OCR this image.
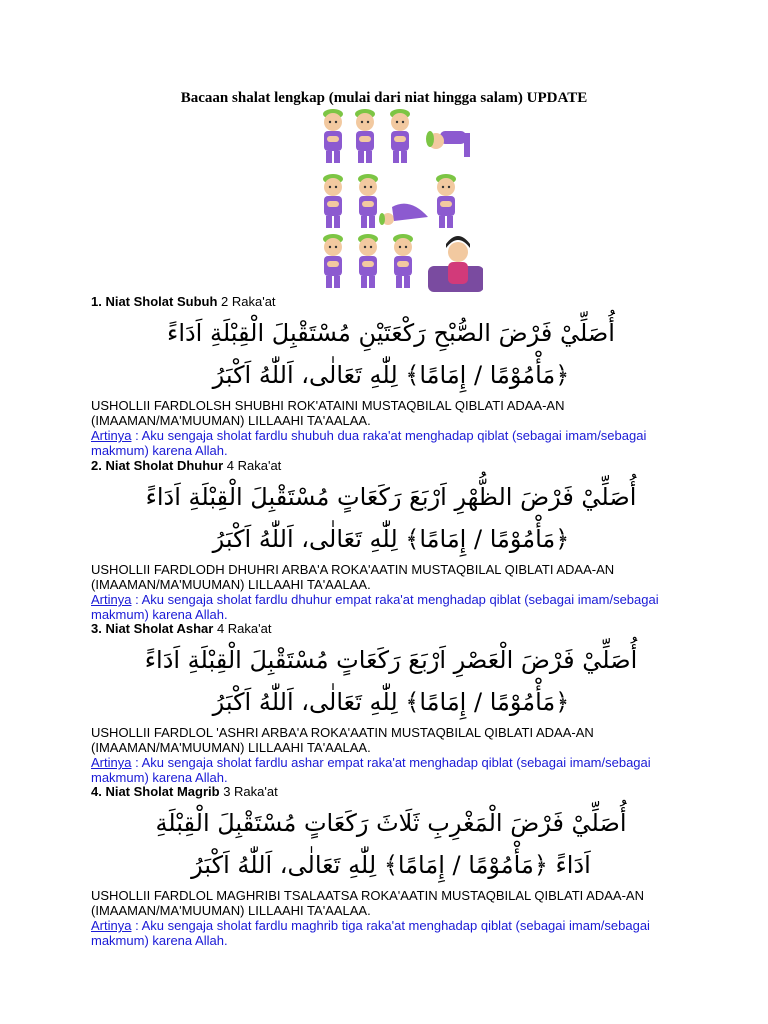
Bacaan shalat lengkap (mulai dari niat hingga salam) UPDATE
1. Niat Sholat Subuh 2 Raka'at
أُصَلِّيْ فَرْضَ الصُّبْحِ رَكْعَتَيْنِ مُسْتَقْبِلَ الْقِبْلَةِ اَدَاءً
﴿مَأْمُوْمًا / إِمَامًا﴾ لِلّٰهِ تَعَالٰى، اَللّٰهُ اَكْبَرُ
USHOLLII FARDLOLSH SHUBHI ROK'ATAINI MUSTAQBILAL QIBLATI ADAA-AN (IMAAMAN/MA'MUUMAN) LILLAAHI TA'AALAA.
Artinya : Aku sengaja sholat fardlu shubuh dua raka'at menghadap qiblat (sebagai imam/sebagai makmum) karena Allah.
2. Niat Sholat Dhuhur 4 Raka'at
أُصَلِّيْ فَرْضَ الظُّهْرِ اَرْبَعَ رَكَعَاتٍ مُسْتَقْبِلَ الْقِبْلَةِ اَدَاءً
﴿مَأْمُوْمًا / إِمَامًا﴾ لِلّٰهِ تَعَالٰى، اَللّٰهُ اَكْبَرُ
USHOLLII FARDLODH DHUHRI ARBA'A ROKA'AATIN MUSTAQBILAL QIBLATI ADAA-AN (IMAAMAN/MA'MUUMAN) LILLAAHI TA'AALAA.
Artinya : Aku sengaja sholat fardlu dhuhur empat raka'at menghadap qiblat (sebagai imam/sebagai makmum) karena Allah.
3. Niat Sholat Ashar 4 Raka'at
أُصَلِّيْ فَرْضَ الْعَصْرِ اَرْبَعَ رَكَعَاتٍ مُسْتَقْبِلَ الْقِبْلَةِ اَدَاءً
﴿مَأْمُوْمًا / إِمَامًا﴾ لِلّٰهِ تَعَالٰى، اَللّٰهُ اَكْبَرُ
USHOLLII FARDLOL 'ASHRI ARBA'A ROKA'AATIN MUSTAQBILAL QIBLATI ADAA-AN (IMAAMAN/MA'MUUMAN) LILLAAHI TA'AALAA.
Artinya : Aku sengaja sholat fardlu ashar empat raka'at menghadap qiblat (sebagai imam/sebagai makmum) karena Allah.
4. Niat Sholat Magrib 3 Raka'at
أُصَلِّيْ فَرْضَ الْمَغْرِبِ ثَلَاثَ رَكَعَاتٍ مُسْتَقْبِلَ الْقِبْلَةِ
اَدَاءً ﴿مَأْمُوْمًا / إِمَامًا﴾ لِلّٰهِ تَعَالٰى، اَللّٰهُ اَكْبَرُ
USHOLLII FARDLOL MAGHRIBI TSALAATSA ROKA'AATIN MUSTAQBILAL QIBLATI ADAA-AN (IMAAMAN/MA'MUUMAN) LILLAAHI TA'AALAA.
Artinya : Aku sengaja sholat fardlu maghrib tiga raka'at menghadap qiblat (sebagai imam/sebagai makmum) karena Allah.
